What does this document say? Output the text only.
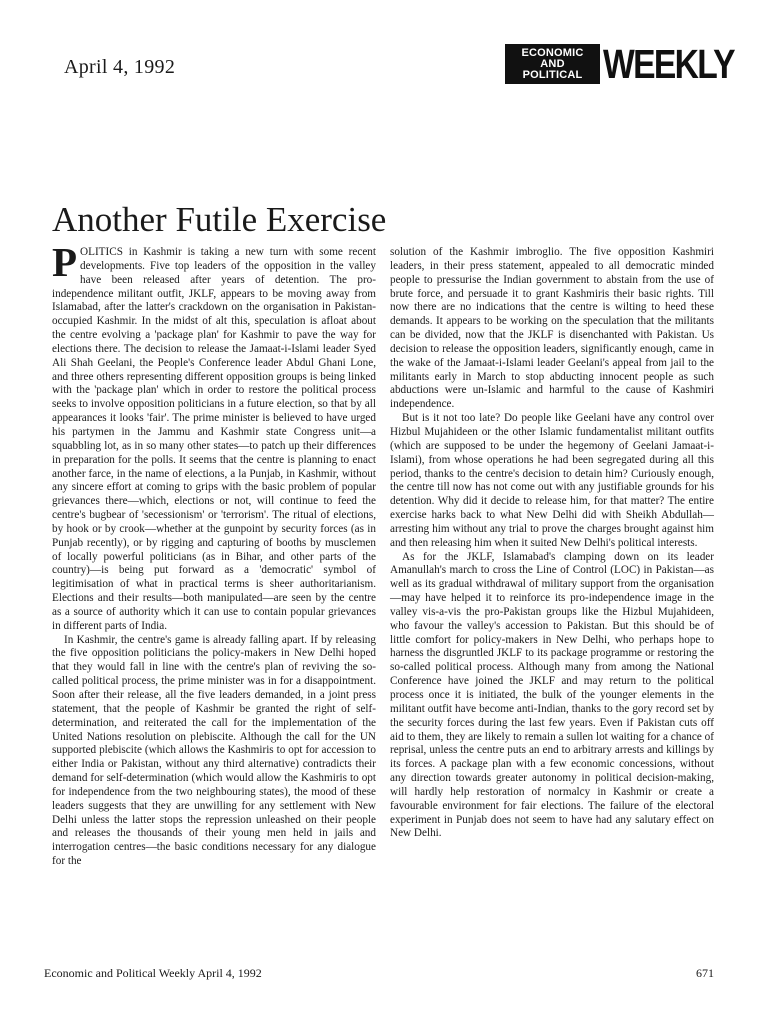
April 4, 1992
ECONOMIC
AND
POLITICAL WEEKLY
Another Futile Exercise

POLITICS in Kashmir is taking a new turn with some recent developments. Five top leaders of the opposition in the valley have been released after years of detention. The pro-independence militant outfit, JKLF, appears to be moving away from Islamabad, after the latter's crackdown on the organisation in Pakistan-occupied Kashmir. In the midst of alt this, speculation is afloat about the centre evolving a 'package plan' for Kashmir to pave the way for elections there. The decision to release the Jamaat-i-Islami leader Syed Ali Shah Geelani, the People's Conference leader Abdul Ghani Lone, and three others representing different opposition groups is being linked with the 'package plan' which in order to restore the political process seeks to involve opposition politicians in a future election, so that by all appearances it looks 'fair'. The prime minister is believed to have urged his partymen in the Jammu and Kashmir state Congress unit—a squabbling lot, as in so many other states—to patch up their differences in preparation for the polls. It seems that the centre is planning to enact another farce, in the name of elections, a la Punjab, in Kashmir, without any sincere effort at coming to grips with the basic problem of popular grievances there—which, elections or not, will continue to feed the centre's bugbear of 'secessionism' or 'terrorism'. The ritual of elections, by hook or by crook—whether at the gunpoint by security forces (as in Punjab recently), or by rigging and capturing of booths by musclemen of locally powerful politicians (as in Bihar, and other parts of the country)—is being put forward as a 'democratic' symbol of legitimisation of what in practical terms is sheer authoritarianism. Elections and their results—both manipulated—are seen by the centre as a source of authority which it can use to contain popular grievances in different parts of India.

In Kashmir, the centre's game is already falling apart. If by releasing the five opposition politicians the policy-makers in New Delhi hoped that they would fall in line with the centre's plan of reviving the so-called political process, the prime minister was in for a disappointment. Soon after their release, all the five leaders demanded, in a joint press statement, that the people of Kashmir be granted the right of self-determination, and reiterated the call for the implementation of the United Nations resolution on plebiscite. Although the call for the UN supported plebiscite (which allows the Kashmiris to opt for accession to either India or Pakistan, without any third alternative) contradicts their demand for self-determination (which would allow the Kashmiris to opt for independence from the two neighbouring states), the mood of these leaders suggests that they are unwilling for any settlement with New Delhi unless the latter stops the repression unleashed on their people and releases the thousands of their young men held in jails and interrogation centres—the basic conditions necessary for any dialogue for the

solution of the Kashmir imbroglio. The five opposition Kashmiri leaders, in their press statement, appealed to all democratic minded people to pressurise the Indian government to abstain from the use of brute force, and persuade it to grant Kashmiris their basic rights. Till now there are no indications that the centre is wilting to heed these demands. It appears to be working on the speculation that the militants can be divided, now that the JKLF is disenchanted with Pakistan. Us decision to release the opposition leaders, significantly enough, came in the wake of the Jamaat-i-Islami leader Geelani's appeal from jail to the militants early in March to stop abducting innocent people as such abductions were un-Islamic and harmful to the cause of Kashmiri independence.

But is it not too late? Do people like Geelani have any control over Hizbul Mujahideen or the other Islamic fundamentalist militant outfits (which are supposed to be under the hegemony of Geelani Jamaat-i-Islami), from whose operations he had been segregated during all this period, thanks to the centre's decision to detain him? Curiously enough, the centre till now has not come out with any justifiable grounds for his detention. Why did it decide to release him, for that matter? The entire exercise harks back to what New Delhi did with Sheikh Abdullah—arresting him without any trial to prove the charges brought against him and then releasing him when it suited New Delhi's political interests.

As for the JKLF, Islamabad's clamping down on its leader Amanullah's march to cross the Line of Control (LOC) in Pakistan—as well as its gradual withdrawal of military support from the organisation—may have helped it to reinforce its pro-independence image in the valley vis-a-vis the pro-Pakistan groups like the Hizbul Mujahideen, who favour the valley's accession to Pakistan. But this should be of little comfort for policy-makers in New Delhi, who perhaps hope to harness the disgruntled JKLF to its package programme or restoring the so-called political process. Although many from among the National Conference have joined the JKLF and may return to the political process once it is initiated, the bulk of the younger elements in the militant outfit have become anti-Indian, thanks to the gory record set by the security forces during the last few years. Even if Pakistan cuts off aid to them, they are likely to remain a sullen lot waiting for a chance of reprisal, unless the centre puts an end to arbitrary arrests and killings by its forces. A package plan with a few economic concessions, without any direction towards greater autonomy in political decision-making, will hardly help restoration of normalcy in Kashmir or create a favourable environment for fair elections. The failure of the electoral experiment in Punjab does not seem to have had any salutary effect on New Delhi.

Economic and Political Weekly April 4, 1992	671
